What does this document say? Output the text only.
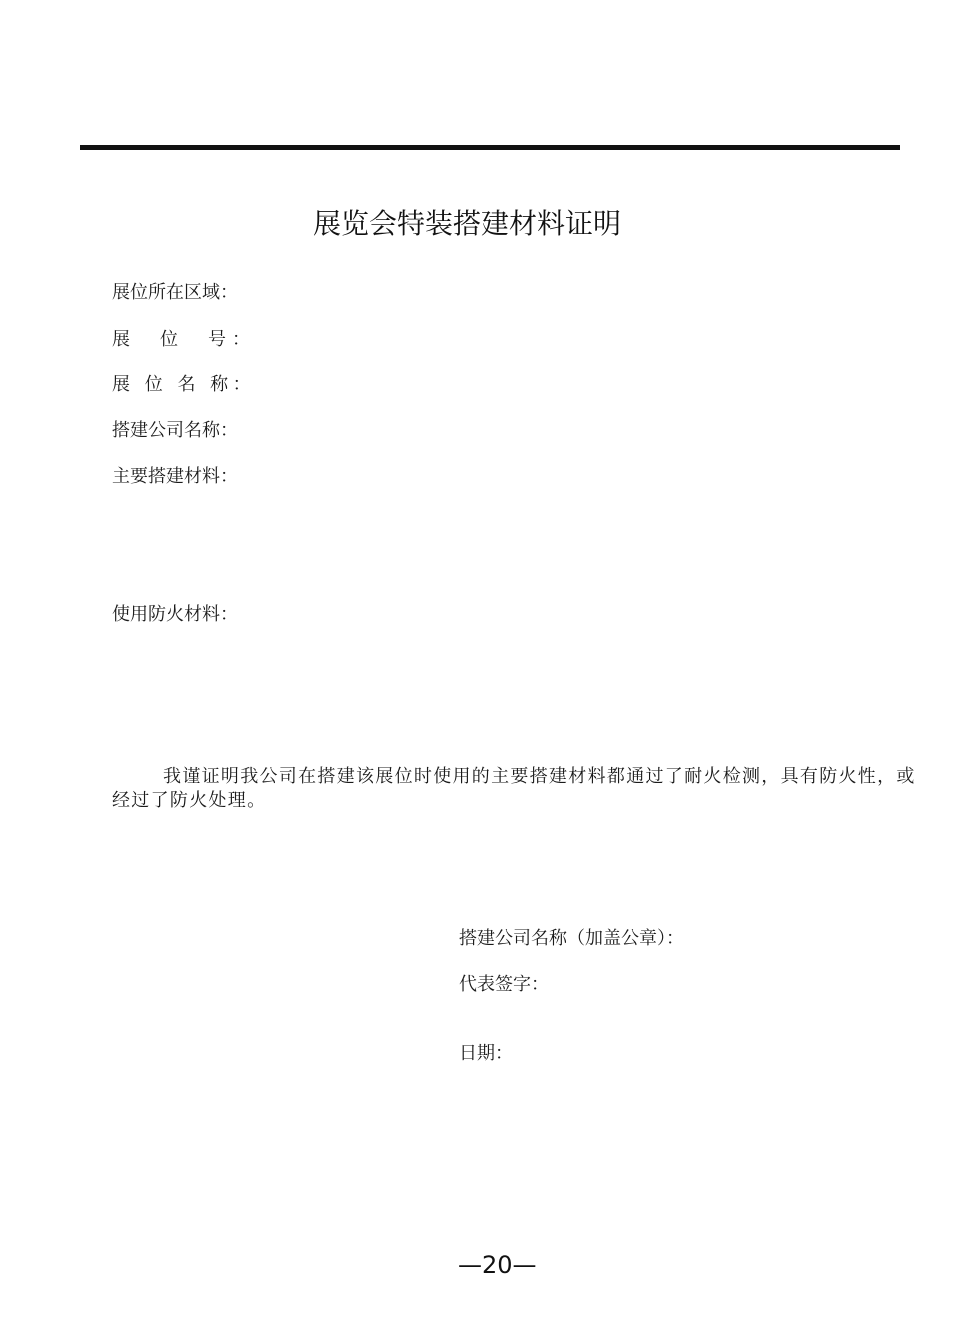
展览会特装搭建材料证明
展位所在区域：
展　位　号：
展 位 名 称：
搭建公司名称：
主要搭建材料：
使用防火材料：

我谨证明我公司在搭建该展位时使用的主要搭建材料都通过了耐火检测，具有防火性，或经过了防火处理。

搭建公司名称（加盖公章）：
代表签字：
日期：
—20—
